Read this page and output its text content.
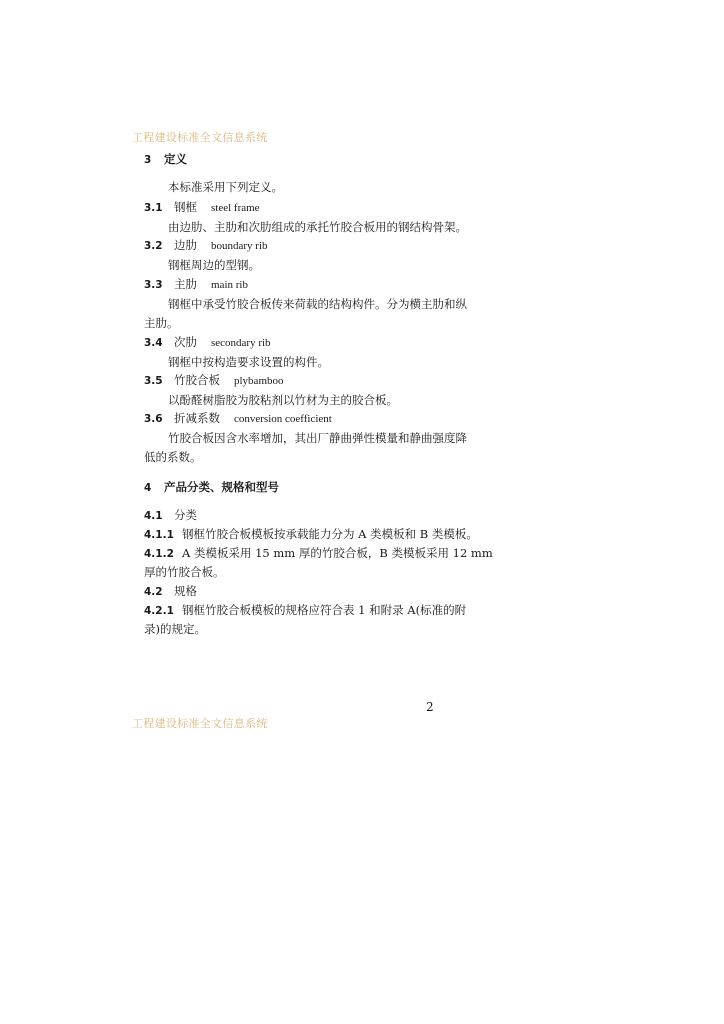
工程建设标准全文信息系统
3 定义
本标准采用下列定义。
3.1 钢框 steel frame
由边肋、主肋和次肋组成的承托竹胶合板用的钢结构骨架。
3.2 边肋 boundary rib
钢框周边的型钢。
3.3 主肋 main rib
钢框中承受竹胶合板传来荷载的结构构件。分为横主肋和纵
主肋。
3.4 次肋 secondary rib
钢框中按构造要求设置的构件。
3.5 竹胶合板 plybamboo
以酚醛树脂胶为胶粘剂以竹材为主的胶合板。
3.6 折减系数 conversion coefficient
竹胶合板因含水率增加，其出厂静曲弹性模量和静曲强度降
低的系数。
4 产品分类、规格和型号
4.1 分类
4.1.1 钢框竹胶合板模板按承载能力分为 A 类模板和 B 类模板。
4.1.2 A 类模板采用 15 mm 厚的竹胶合板，B 类模板采用 12 mm
厚的竹胶合板。
4.2 规格
4.2.1 钢框竹胶合板模板的规格应符合表 1 和附录 A(标准的附
录)的规定。
2
工程建设标准全文信息系统
